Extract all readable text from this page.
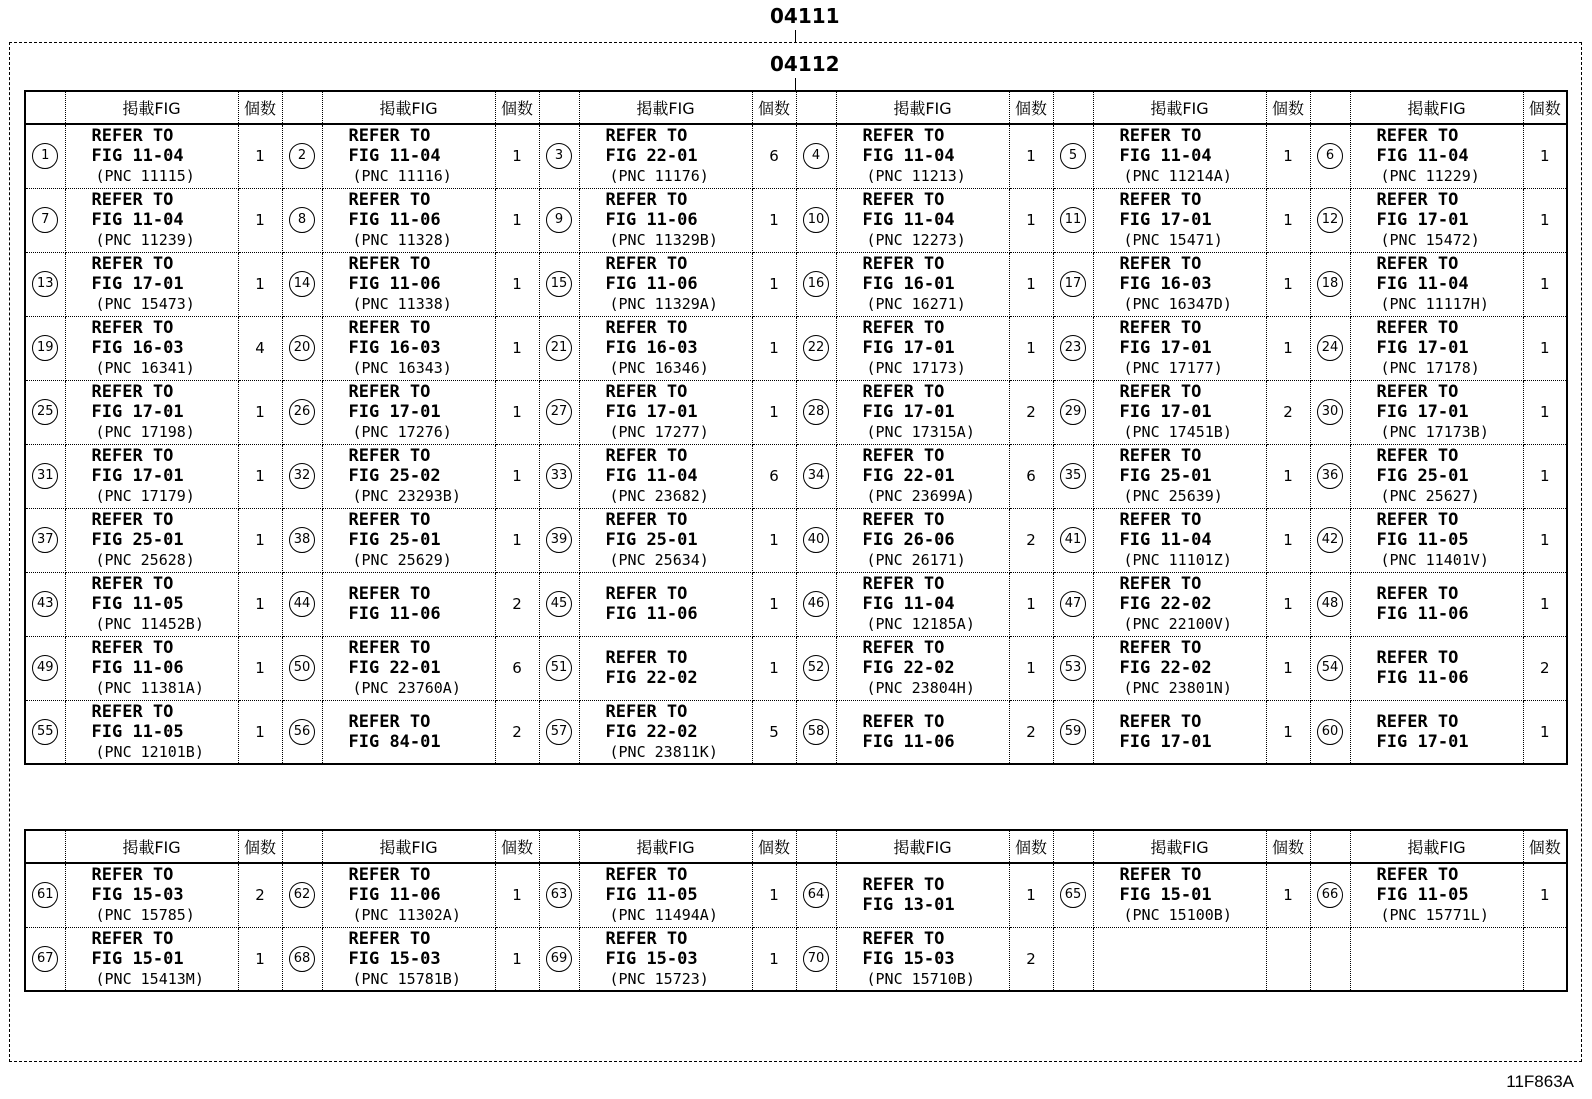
04111
04112
	掲載FIG	個数		掲載FIG	個数		掲載FIG	個数		掲載FIG	個数		掲載FIG	個数		掲載FIG	個数
1	REFER TO
FIG 11-04
(PNC 11115)	1	2	REFER TO
FIG 11-04
(PNC 11116)	1	3	REFER TO
FIG 22-01
(PNC 11176)	6	4	REFER TO
FIG 11-04
(PNC 11213)	1	5	REFER TO
FIG 11-04
(PNC 11214A)	1	6	REFER TO
FIG 11-04
(PNC 11229)	1
7	REFER TO
FIG 11-04
(PNC 11239)	1	8	REFER TO
FIG 11-06
(PNC 11328)	1	9	REFER TO
FIG 11-06
(PNC 11329B)	1	10	REFER TO
FIG 11-04
(PNC 12273)	1	11	REFER TO
FIG 17-01
(PNC 15471)	1	12	REFER TO
FIG 17-01
(PNC 15472)	1
13	REFER TO
FIG 17-01
(PNC 15473)	1	14	REFER TO
FIG 11-06
(PNC 11338)	1	15	REFER TO
FIG 11-06
(PNC 11329A)	1	16	REFER TO
FIG 16-01
(PNC 16271)	1	17	REFER TO
FIG 16-03
(PNC 16347D)	1	18	REFER TO
FIG 11-04
(PNC 11117H)	1
19	REFER TO
FIG 16-03
(PNC 16341)	4	20	REFER TO
FIG 16-03
(PNC 16343)	1	21	REFER TO
FIG 16-03
(PNC 16346)	1	22	REFER TO
FIG 17-01
(PNC 17173)	1	23	REFER TO
FIG 17-01
(PNC 17177)	1	24	REFER TO
FIG 17-01
(PNC 17178)	1
25	REFER TO
FIG 17-01
(PNC 17198)	1	26	REFER TO
FIG 17-01
(PNC 17276)	1	27	REFER TO
FIG 17-01
(PNC 17277)	1	28	REFER TO
FIG 17-01
(PNC 17315A)	2	29	REFER TO
FIG 17-01
(PNC 17451B)	2	30	REFER TO
FIG 17-01
(PNC 17173B)	1
31	REFER TO
FIG 17-01
(PNC 17179)	1	32	REFER TO
FIG 25-02
(PNC 23293B)	1	33	REFER TO
FIG 11-04
(PNC 23682)	6	34	REFER TO
FIG 22-01
(PNC 23699A)	6	35	REFER TO
FIG 25-01
(PNC 25639)	1	36	REFER TO
FIG 25-01
(PNC 25627)	1
37	REFER TO
FIG 25-01
(PNC 25628)	1	38	REFER TO
FIG 25-01
(PNC 25629)	1	39	REFER TO
FIG 25-01
(PNC 25634)	1	40	REFER TO
FIG 26-06
(PNC 26171)	2	41	REFER TO
FIG 11-04
(PNC 11101Z)	1	42	REFER TO
FIG 11-05
(PNC 11401V)	1
43	REFER TO
FIG 11-05
(PNC 11452B)	1	44	REFER TO
FIG 11-06	2	45	REFER TO
FIG 11-06	1	46	REFER TO
FIG 11-04
(PNC 12185A)	1	47	REFER TO
FIG 22-02
(PNC 22100V)	1	48	REFER TO
FIG 11-06	1
49	REFER TO
FIG 11-06
(PNC 11381A)	1	50	REFER TO
FIG 22-01
(PNC 23760A)	6	51	REFER TO
FIG 22-02	1	52	REFER TO
FIG 22-02
(PNC 23804H)	1	53	REFER TO
FIG 22-02
(PNC 23801N)	1	54	REFER TO
FIG 11-06	2
55	REFER TO
FIG 11-05
(PNC 12101B)	1	56	REFER TO
FIG 84-01	2	57	REFER TO
FIG 22-02
(PNC 23811K)	5	58	REFER TO
FIG 11-06	2	59	REFER TO
FIG 17-01	1	60	REFER TO
FIG 17-01	1
	掲載FIG	個数		掲載FIG	個数		掲載FIG	個数		掲載FIG	個数		掲載FIG	個数		掲載FIG	個数
61	REFER TO
FIG 15-03
(PNC 15785)	2	62	REFER TO
FIG 11-06
(PNC 11302A)	1	63	REFER TO
FIG 11-05
(PNC 11494A)	1	64	REFER TO
FIG 13-01	1	65	REFER TO
FIG 15-01
(PNC 15100B)	1	66	REFER TO
FIG 11-05
(PNC 15771L)	1
67	REFER TO
FIG 15-01
(PNC 15413M)	1	68	REFER TO
FIG 15-03
(PNC 15781B)	1	69	REFER TO
FIG 15-03
(PNC 15723)	1	70	REFER TO
FIG 15-03
(PNC 15710B)	2		

11F863A
